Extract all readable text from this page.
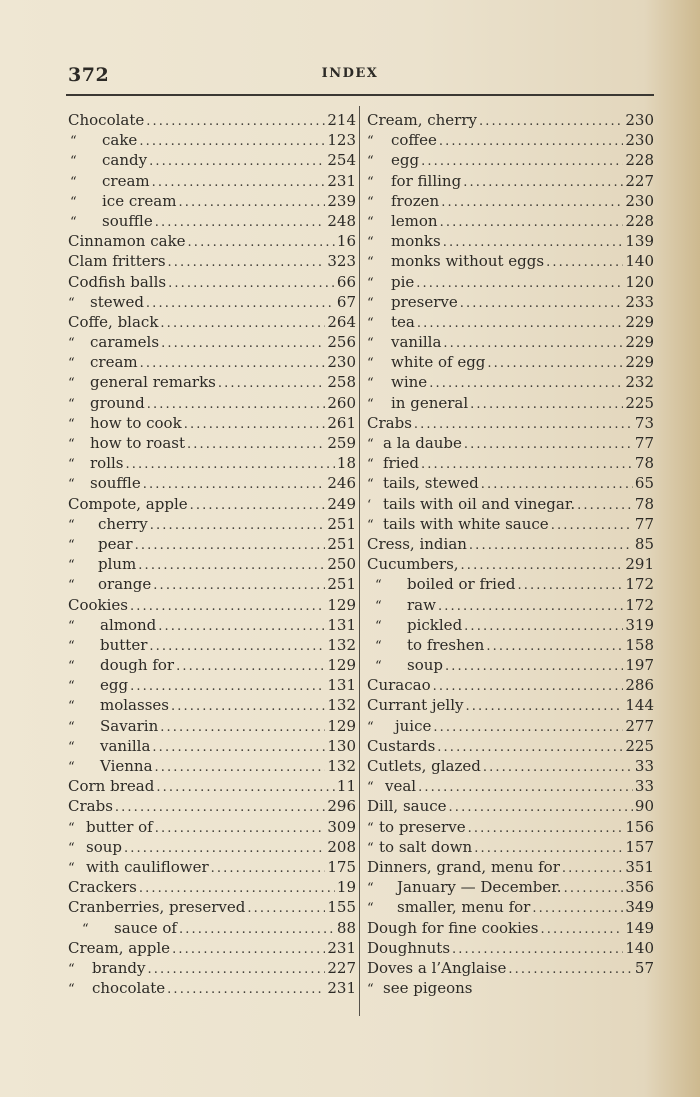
372	INDEX
Chocolate . . .	214
“	cake . . .	123
“	candy . . .	254
“	cream . . .	231
“	ice cream . . .	239
“	souffle . . .	248
Cinnamon cake . . .	16
Clam fritters . . .	323
Codfish balls . . .	66
“	stewed . . .	67
Coffe, black . . .	264
“	caramels . . .	256
“	cream . . .	230
“	general remarks . . .	258
“	ground . . .	260
“	how to cook . . .	261
“	how to roast . . .	259
“	rolls . . .	18
“	souffle . . .	246
Compote, apple . . .	249
“	cherry . . .	251
“	pear . . .	251
“	plum . . .	250
“	orange . . .	251
Cookies . . .	129
“	almond . . .	131
“	butter . . .	132
“	dough for . . .	129
“	egg . . .	131
“	molasses . . .	132
“	Savarin . . .	129
“	vanilla . . .	130
“	Vienna . . .	132
Corn bread . . .	11
Crabs . . .	296
“ butter of . . .	309
“ soup . . .	208
“ with cauliflower . . .	175
Crackers . . .	19
Cranberries, preserved . . .	155
“	sauce of . . .	88
Cream, apple . . .	231
“	brandy . . .	227
“	chocolate . . .	231
Cream, cherry . . .	230
“	coffee . . .	230
“	egg . . .	228
“	for filling . . .	227
“	frozen . . .	230
“	lemon . . .	228
“	monks . . .	139
“	monks without eggs . . .	140
“	pie . . .	120
“	preserve . . .	233
“	tea . . .	229
“	vanilla . . .	229
“	white of egg . . .	229
“	wine . . .	232
“	in general . . .	225
Crabs . . .	73
“ a la daube . . .	77
“ fried . . .	78
“ tails, stewed . . .	65
‘ tails with oil and vinegar. . . .	78
“ tails with white sauce . . .	77
Cress, indian . . .	85
Cucumbers, . . .	291
“	boiled or fried . . .	172
“	raw . . .	172
“	pickled . . .	319
“	to freshen . . .	158
“	soup . . .	197
Curacao . . .	286
Currant jelly . . .	144
“	juice . . .	277
Custards . . .	225
Cutlets, glazed . . .	33
“ veal . . .	33
Dill, sauce . . .	90
“ to preserve . . .	156
“ to salt down . . .	157
Dinners, grand, menu for . . .	351
“	January — December. . . .	356
“	smaller, menu for . . .	349
Dough for fine cookies . . .	149
Doughnuts . . .	140
Doves a l’Anglaise . . .	57
“ see pigeons
